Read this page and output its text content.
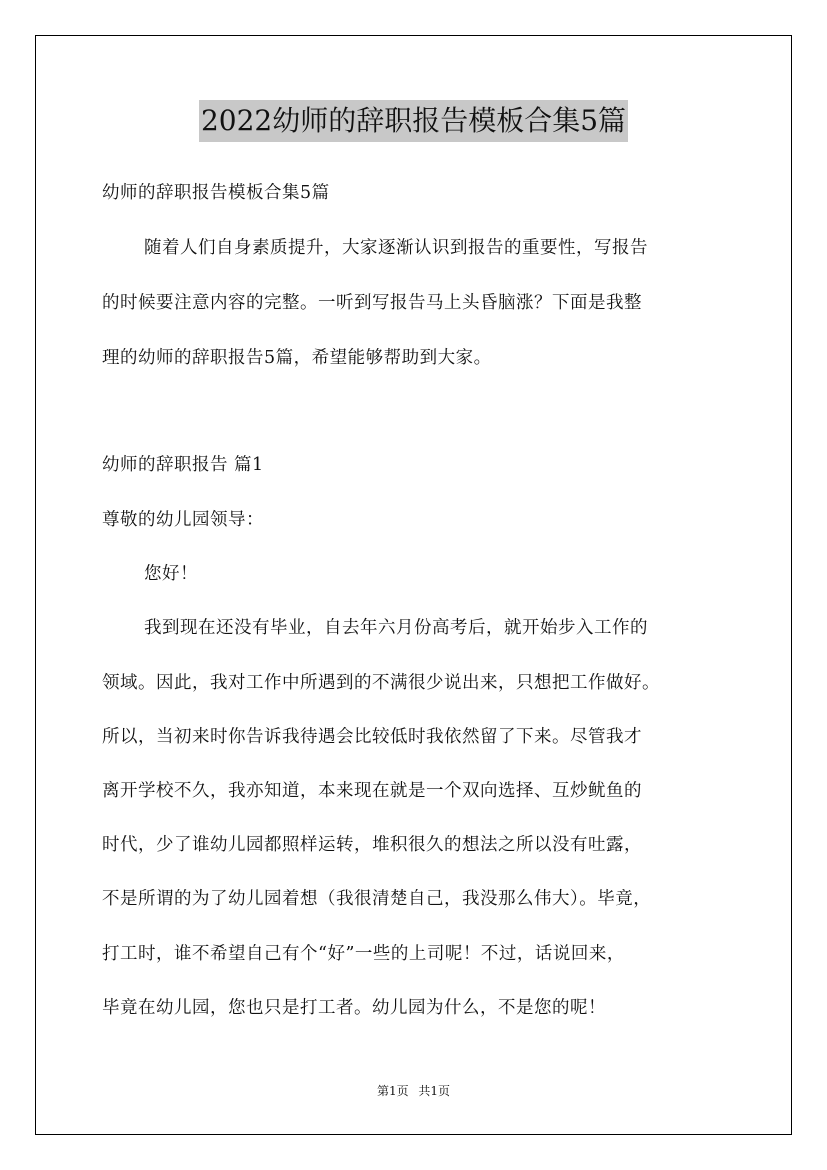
2022幼师的辞职报告模板合集5篇
幼师的辞职报告模板合集5篇
随着人们自身素质提升，大家逐渐认识到报告的重要性，写报告
的时候要注意内容的完整。一听到写报告马上头昏脑涨？下面是我整
理的幼师的辞职报告5篇，希望能够帮助到大家。
幼师的辞职报告 篇1
尊敬的幼儿园领导：
您好！
我到现在还没有毕业，自去年六月份高考后，就开始步入工作的
领域。因此，我对工作中所遇到的不满很少说出来，只想把工作做好。
所以，当初来时你告诉我待遇会比较低时我依然留了下来。尽管我才
离开学校不久，我亦知道，本来现在就是一个双向选择、互炒鱿鱼的
时代，少了谁幼儿园都照样运转，堆积很久的想法之所以没有吐露，
不是所谓的为了幼儿园着想（我很清楚自己，我没那么伟大）。毕竟，
打工时，谁不希望自己有个“好”一些的上司呢！不过，话说回来，
毕竟在幼儿园，您也只是打工者。幼儿园为什么，不是您的呢！
第1页 共1页
